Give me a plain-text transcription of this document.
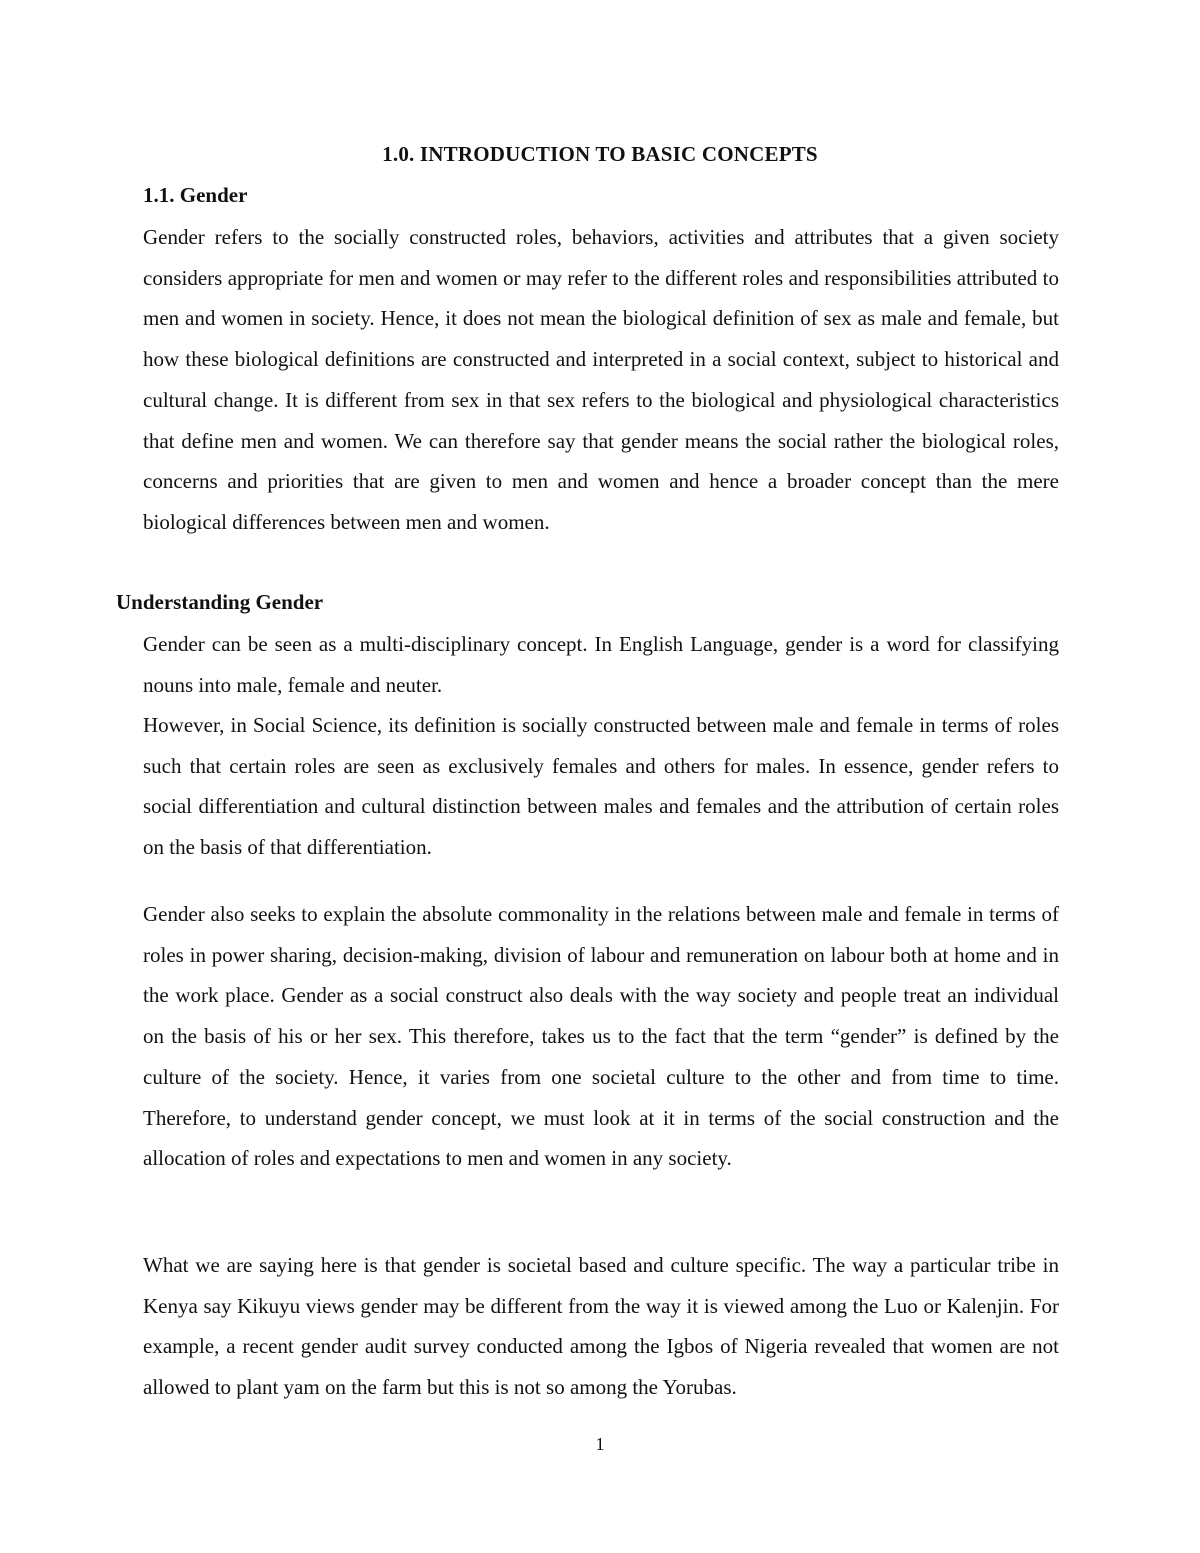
1.0. INTRODUCTION TO BASIC CONCEPTS
1.1. Gender

Gender refers to the socially constructed roles, behaviors, activities and attributes that a given society considers appropriate for men and women or may refer to the different roles and responsibilities attributed to men and women in society. Hence, it does not mean the biological definition of sex as male and female, but how these biological definitions are constructed and interpreted in a social context, subject to historical and cultural change. It is different from sex in that sex refers to the biological and physiological characteristics that define men and women. We can therefore say that gender means the social rather the biological roles, concerns and priorities that are given to men and women and hence a broader concept than the mere biological differences between men and women.

Understanding Gender

Gender can be seen as a multi-disciplinary concept. In English Language, gender is a word for classifying nouns into male, female and neuter.

However, in Social Science, its definition is socially constructed between male and female in terms of roles such that certain roles are seen as exclusively females and others for males. In essence, gender refers to social differentiation and cultural distinction between males and females and the attribution of certain roles on the basis of that differentiation.

Gender also seeks to explain the absolute commonality in the relations between male and female in terms of roles in power sharing, decision-making, division of labour and remuneration on labour both at home and in the work place. Gender as a social construct also deals with the way society and people treat an individual on the basis of his or her sex. This therefore, takes us to the fact that the term “gender” is defined by the culture of the society. Hence, it varies from one societal culture to the other and from time to time. Therefore, to understand gender concept, we must look at it in terms of the social construction and the allocation of roles and expectations to men and women in any society.

What we are saying here is that gender is societal based and culture specific. The way a particular tribe in Kenya say Kikuyu views gender may be different from the way it is viewed among the Luo or Kalenjin. For example, a recent gender audit survey conducted among the Igbos of Nigeria revealed that women are not allowed to plant yam on the farm but this is not so among the Yorubas.

1
